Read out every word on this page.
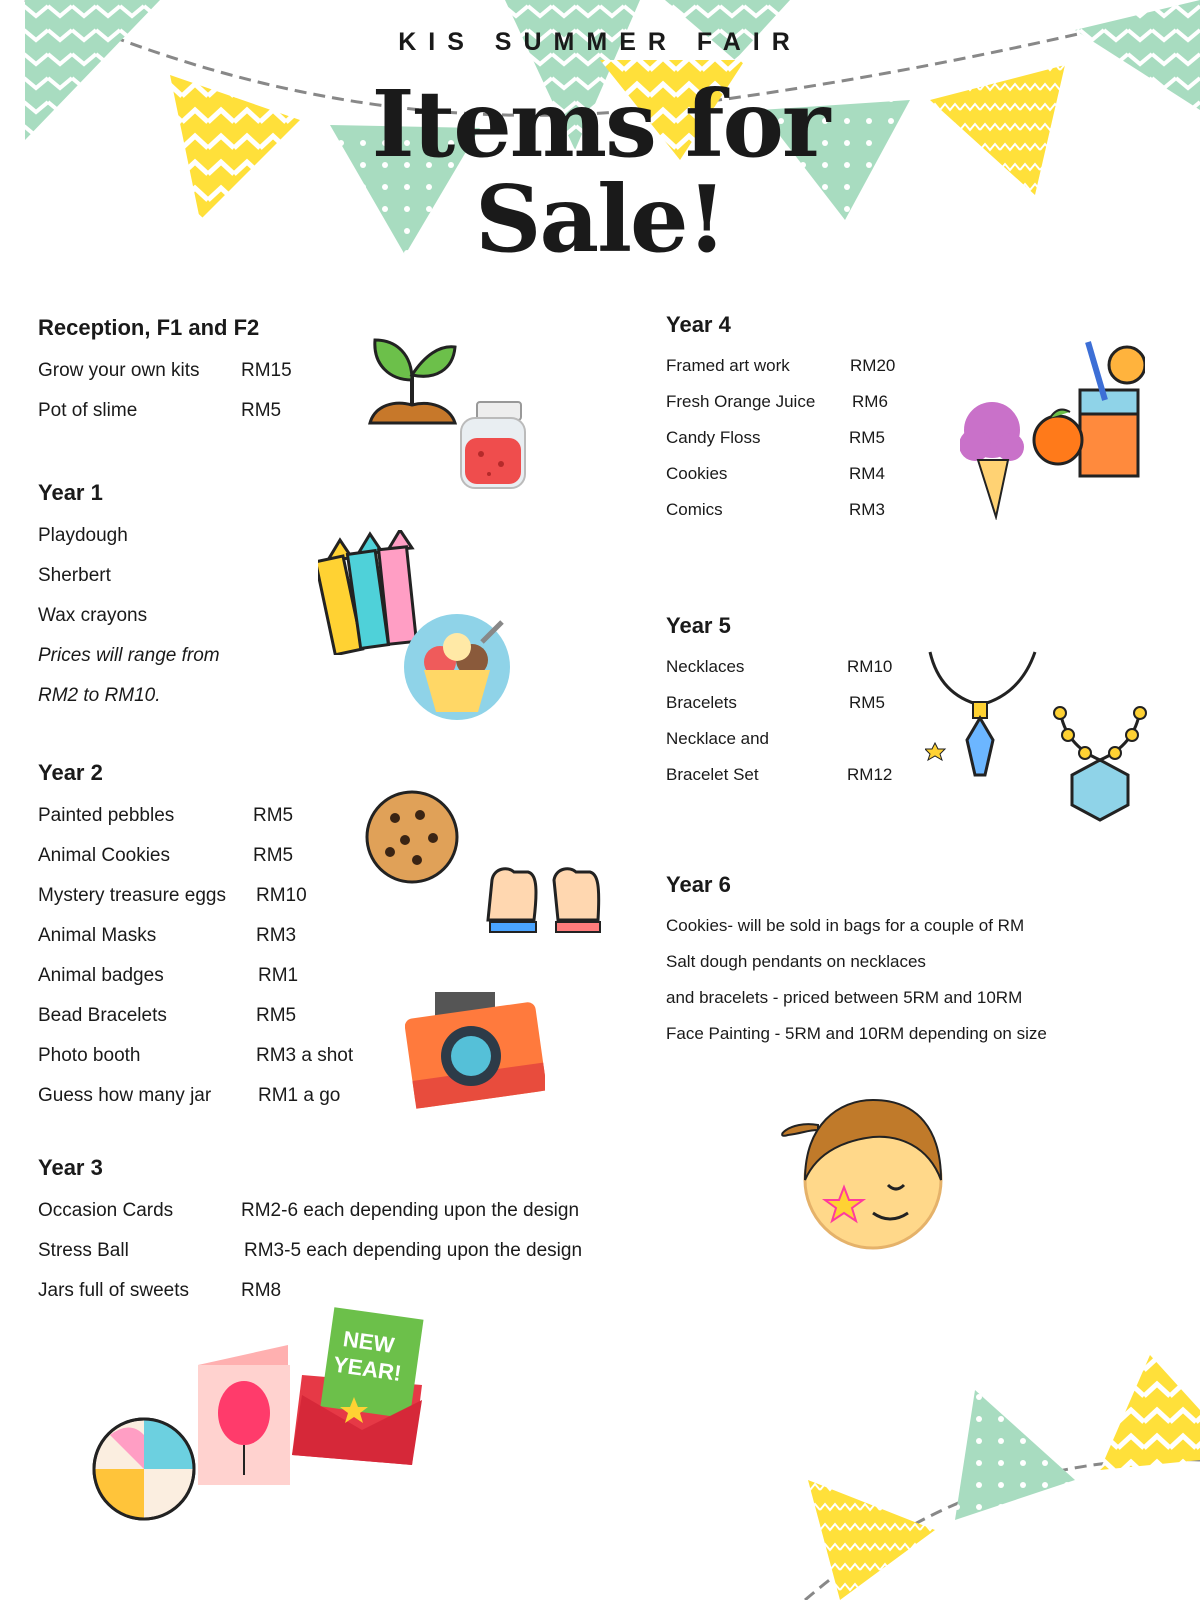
KIS SUMMER FAIR
Items for
Sale!
Reception, F1 and F2
Grow your own kits RM15
Pot of slime	RM5
Year 1
Playdough
Sherbert
Wax crayons
Prices will range from
RM2 to RM10.
Year 2
Painted pebbles	RM5
Animal Cookies	RM5
Mystery treasure eggs RM10
Animal Masks	RM3
Animal badges	RM1
Bead Bracelets	RM5
Photo booth	RM3 a shot
Guess how many jar RM1 a go
Year 3
Occasion Cards	RM2-6 each depending upon the design
Stress Ball	RM3-5 each depending upon the design
Jars full of sweets	RM8
Year 4
Framed art work	RM20
Fresh Orange Juice RM6
Candy Floss	RM5
Cookies	RM4
Comics	RM3
Year 5
Necklaces	RM10
Bracelets	RM5
Necklace and
Bracelet Set	RM12
Year 6
Cookies- will be sold in bags for a couple of RM
Salt dough pendants on necklaces
and bracelets - priced between 5RM and 10RM
Face Painting - 5RM and 10RM depending on size
NEW
YEAR!
